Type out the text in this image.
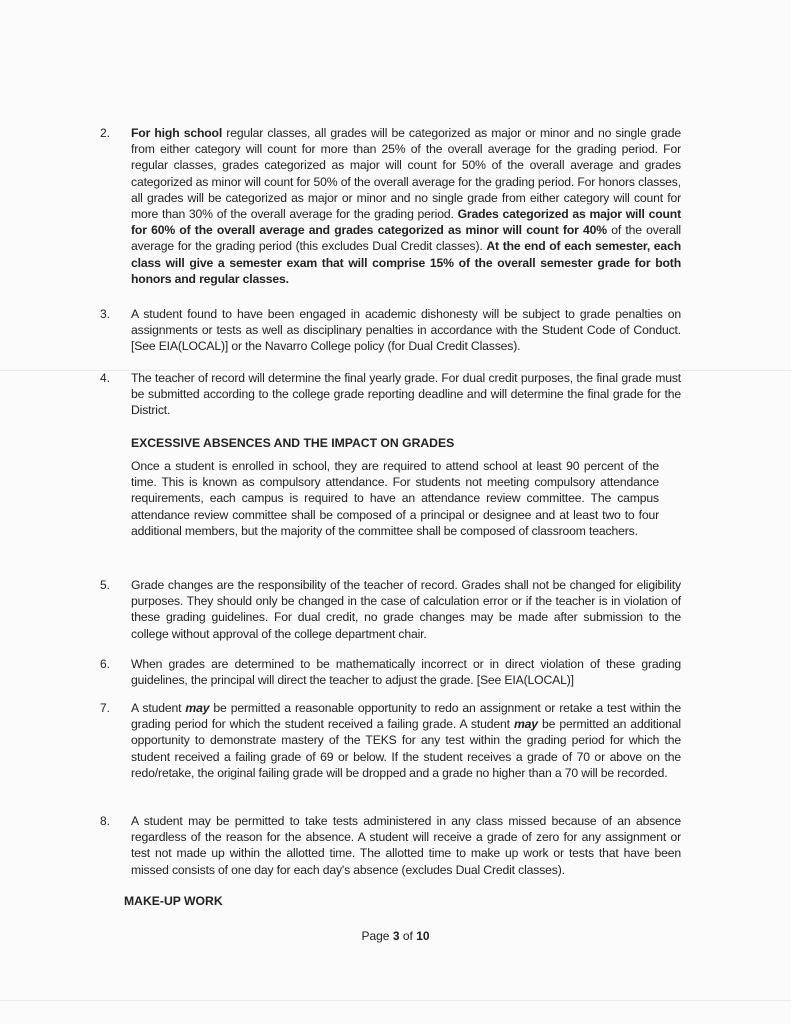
2.	For high school regular classes, all grades will be categorized as major or minor and no single grade from either category will count for more than 25% of the overall average for the grading period. For regular classes, grades categorized as major will count for 50% of the overall average and grades categorized as minor will count for 50% of the overall average for the grading period. For honors classes, all grades will be categorized as major or minor and no single grade from either category will count for more than 30% of the overall average for the grading period. Grades categorized as major will count for 60% of the overall average and grades categorized as minor will count for 40% of the overall average for the grading period (this excludes Dual Credit classes). At the end of each semester, each class will give a semester exam that will comprise 15% of the overall semester grade for both honors and regular classes.
3.	A student found to have been engaged in academic dishonesty will be subject to grade penalties on assignments or tests as well as disciplinary penalties in accordance with the Student Code of Conduct. [See EIA(LOCAL)] or the Navarro College policy (for Dual Credit Classes).
4.	The teacher of record will determine the final yearly grade. For dual credit purposes, the final grade must be submitted according to the college grade reporting deadline and will determine the final grade for the District.
EXCESSIVE ABSENCES AND THE IMPACT ON GRADES
Once a student is enrolled in school, they are required to attend school at least 90 percent of the time. This is known as compulsory attendance. For students not meeting compulsory attendance requirements, each campus is required to have an attendance review committee. The campus attendance review committee shall be composed of a principal or designee and at least two to four additional members, but the majority of the committee shall be composed of classroom teachers.
5.	Grade changes are the responsibility of the teacher of record. Grades shall not be changed for eligibility purposes. They should only be changed in the case of calculation error or if the teacher is in violation of these grading guidelines. For dual credit, no grade changes may be made after submission to the college without approval of the college department chair.
6.	When grades are determined to be mathematically incorrect or in direct violation of these grading guidelines, the principal will direct the teacher to adjust the grade. [See EIA(LOCAL)]
7.	A student may be permitted a reasonable opportunity to redo an assignment or retake a test within the grading period for which the student received a failing grade. A student may be permitted an additional opportunity to demonstrate mastery of the TEKS for any test within the grading period for which the student received a failing grade of 69 or below. If the student receives a grade of 70 or above on the redo/retake, the original failing grade will be dropped and a grade no higher than a 70 will be recorded.
8.	A student may be permitted to take tests administered in any class missed because of an absence regardless of the reason for the absence. A student will receive a grade of zero for any assignment or test not made up within the allotted time. The allotted time to make up work or tests that have been missed consists of one day for each day's absence (excludes Dual Credit classes).
MAKE-UP WORK
Page 3 of 10
